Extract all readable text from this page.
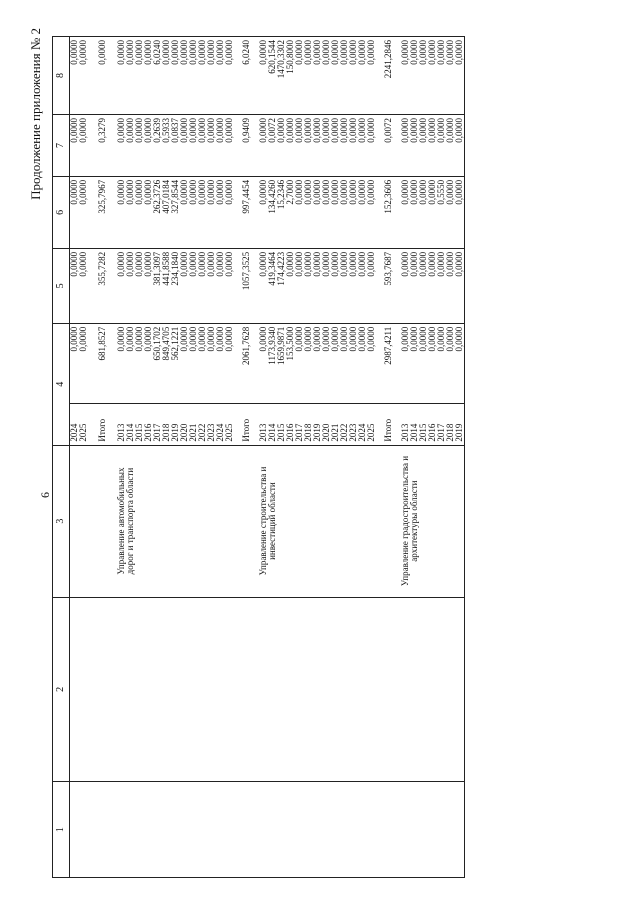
Продолжение приложения № 2
6
1	2	3	4		5	6	7	8
			2024	0,0000	0,0000	0,0000	0,0000	0,0000
			2025	0,0000	0,0000	0,0000	0,0000	0,0000

			Итого	681,8527	355,7282	325,7967	0,3279	0,0000

		Управление автомобильных	2013	0,0000	0,0000	0,0000	0,0000	0,0000
		дорог и транспорта области	2014	0,0000	0,0000	0,0000	0,0000	0,0000
			2015	0,0000	0,0000	0,0000	0,0000	0,0000
			2016	0,0000	0,0000	0,0000	0,0000	0,0000
			2017	650,1702	381,3097	262,3726	0,2639	6,0240
			2018	849,4705	441,8588	407,0184	0,5933	0,0000
			2019	562,1221	234,1840	327,8544	0,0837	0,0000
			2020	0,0000	0,0000	0,0000	0,0000	0,0000
			2021	0,0000	0,0000	0,0000	0,0000	0,0000
			2022	0,0000	0,0000	0,0000	0,0000	0,0000
			2023	0,0000	0,0000	0,0000	0,0000	0,0000
			2024	0,0000	0,0000	0,0000	0,0000	0,0000
			2025	0,0000	0,0000	0,0000	0,0000	0,0000

			Итого	2061,7628	1057,3525	997,4454	0,9409	6,0240

		Управление строительства и	2013	0,0000	0,0000	0,0000	0,0000	0,0000
		инвестиций области	2014	1173,9340	419,3464	134,4260	0,0072	620,1544
			2015	1659,9871	174,4223	15,2346	0,0000	1470,3302
			2016	153,5000	0,0000	2,7000	0,0000	150,8000
			2017	0,0000	0,0000	0,0000	0,0000	0,0000
			2018	0,0000	0,0000	0,0000	0,0000	0,0000
			2019	0,0000	0,0000	0,0000	0,0000	0,0000
			2020	0,0000	0,0000	0,0000	0,0000	0,0000
			2021	0,0000	0,0000	0,0000	0,0000	0,0000
			2022	0,0000	0,0000	0,0000	0,0000	0,0000
			2023	0,0000	0,0000	0,0000	0,0000	0,0000
			2024	0,0000	0,0000	0,0000	0,0000	0,0000
			2025	0,0000	0,0000	0,0000	0,0000	0,0000

			Итого	2987,4211	593,7687	152,3606	0,0072	2241,2846

		Управление градостроительства и	2013	0,0000	0,0000	0,0000	0,0000	0,0000
		архитектуры области	2014	0,0000	0,0000	0,0000	0,0000	0,0000
			2015	0,0000	0,0000	0,0000	0,0000	0,0000
			2016	0,0000	0,0000	0,0000	0,0000	0,0000
			2017	0,0000	0,0000	0,5550	0,0000	0,0000
			2018	0,0000	0,0000	0,0000	0,0000	0,0000
			2019	0,0000	0,0000	0,0000	0,0000	0,0000
